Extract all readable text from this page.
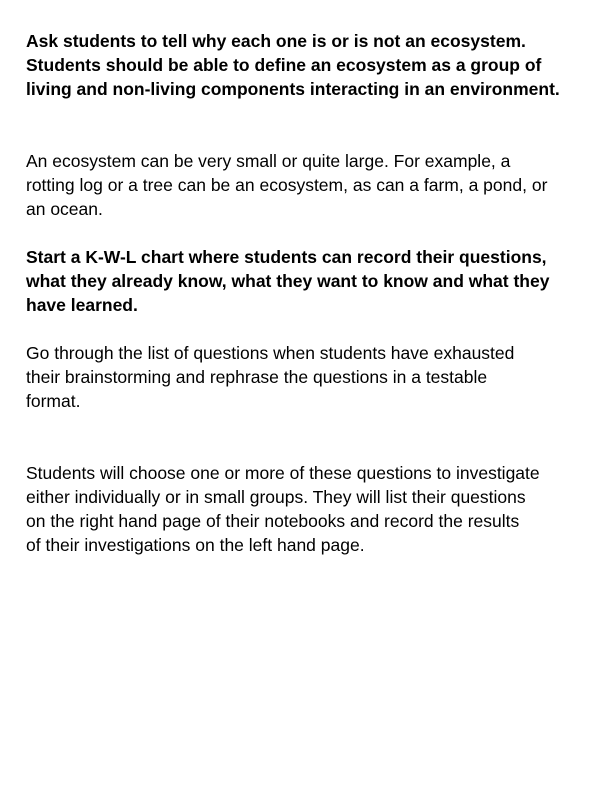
Ask students to tell why each one is or is not an ecosystem.
Students should be able to define an ecosystem as a group of
living and non-living components interacting in an environment.

An ecosystem can be very small or quite large. For example, a
rotting log or a tree can be an ecosystem, as can a farm, a pond, or
an ocean.

Start a K-W-L chart where students can record their questions,
what they already know, what they want to know and what they
have learned.

Go through the list of questions when students have exhausted
their brainstorming and rephrase the questions in a testable
format.

Students will choose one or more of these questions to investigate
either individually or in small groups. They will list their questions
on the right hand page of their notebooks and record the results
of their investigations on the left hand page.
